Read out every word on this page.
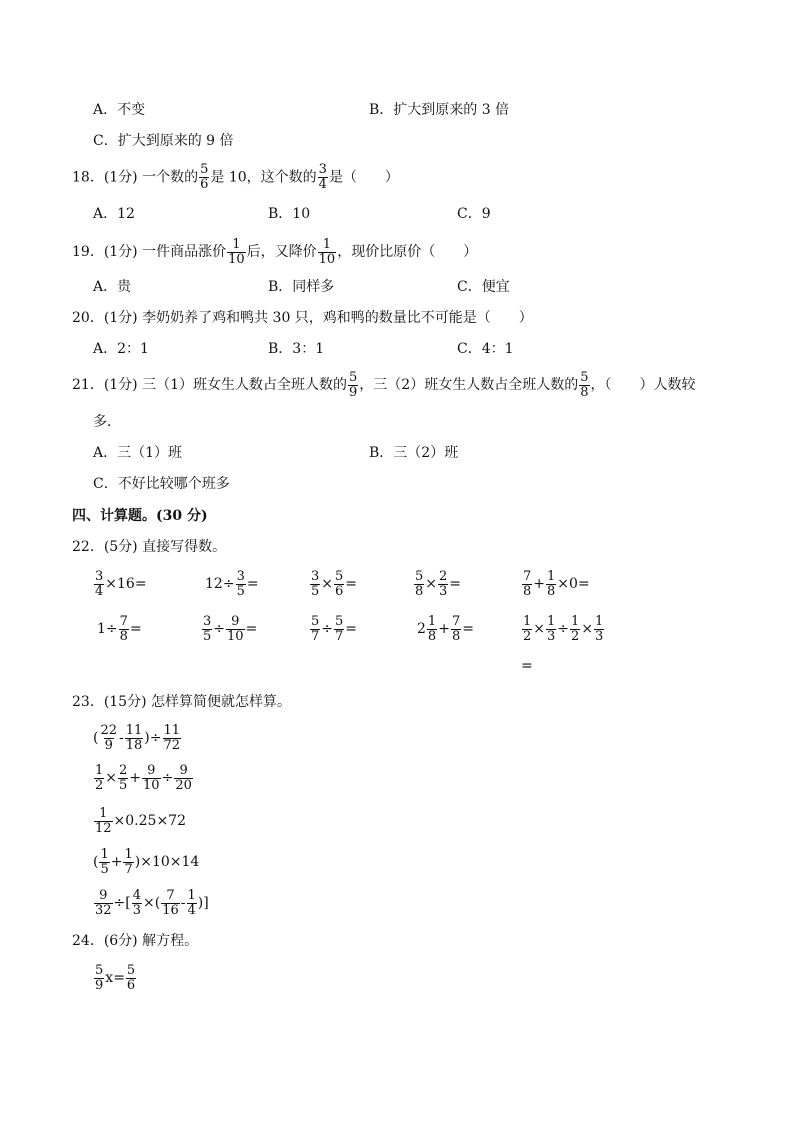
A．不变	B．扩大到原来的 3 倍
C．扩大到原来的 9 倍
18．(1分) 一个数的 $\frac{5}{6}$ 是 10，这个数的 $\frac{3}{4}$ 是（　　）
A．12	B．10	C．9
19．(1分) 一件商品涨价 $\frac{1}{10}$ 后，又降价 $\frac{1}{10}$ ，现价比原价（　　）
A．贵	B．同样多	C．便宜
20．(1分) 李奶奶养了鸡和鸭共 30 只，鸡和鸭的数量比不可能是（　　）
A．2：1	B．3：1	C．4：1
21．(1分) 三（1）班女生人数占全班人数的 $\frac{5}{9}$ ，三（2）班女生人数占全班人数的 $\frac{5}{8}$ ，（　　）人数较
多．
A．三（1）班	B．三（2）班
C．不好比较哪个班多
四、计算题。(30 分)
22．(5分) 直接写得数。
$\frac{3}{4} \times 16=$	$12\div \frac{3}{5}$ =	$\frac{3}{5} \times \frac{5}{6}$ =	$\frac{5}{8} \times \frac{2}{3}$ =	$\frac{7}{8} + \frac{1}{8} \times 0=$
$1\div \frac{7}{8}$ =	$\frac{3}{5} \div \frac{9}{10}$ =	$\frac{5}{7} \div \frac{5}{7}$ =	$2 \frac{1}{8} + \frac{7}{8}$ =	$\frac{1}{2} \times \frac{1}{3} \div \frac{1}{2} \times \frac{1}{3}$
=
23．(15分) 怎样算简便就怎样算。
( $\frac{22}{9} - \frac{11}{18}$ )÷ $\frac{11}{72}$
$\frac{1}{2} \times \frac{2}{5} + \frac{9}{10} \div \frac{9}{20}$
$\frac{1}{12} \times 0.25\times 72$
( $\frac{1}{5} + \frac{1}{7} )\times 10\times 14$
$\frac{9}{32}$ ÷[ $\frac{4}{3}$ ×( $\frac{7}{16} - \frac{1}{4}$ )]
24．(6分) 解方程。
$\frac{5}{9} x= \frac{5}{6}$
